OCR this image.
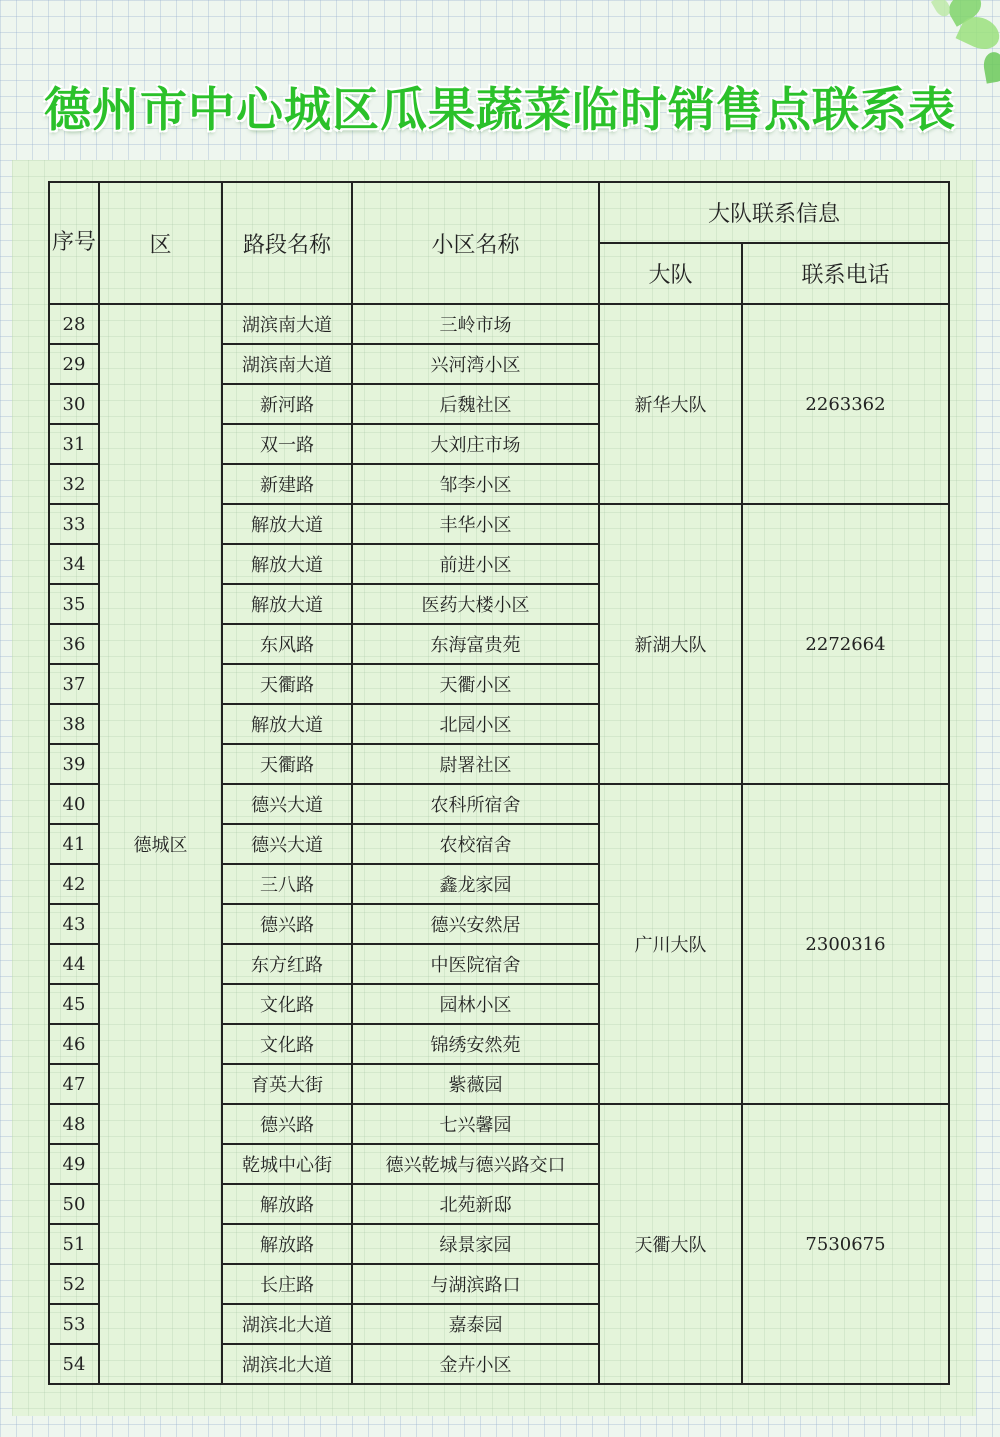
德州市中心城区瓜果蔬菜临时销售点联系表
序号	区	路段名称	小区名称	大队联系信息	
				大队	联系电话
28	德城区	湖滨南大道	三岭市场	新华大队	2263362
29		湖滨南大道	兴河湾小区		
30		新河路	后魏社区		
31		双一路	大刘庄市场		
32		新建路	邹李小区		
33		解放大道	丰华小区	新湖大队	2272664
34		解放大道	前进小区		
35		解放大道	医药大楼小区		
36		东风路	东海富贵苑		
37		天衢路	天衢小区		
38		解放大道	北园小区		
39		天衢路	尉署社区		
40		德兴大道	农科所宿舍	广川大队	2300316
41		德兴大道	农校宿舍		
42		三八路	鑫龙家园		
43		德兴路	德兴安然居		
44		东方红路	中医院宿舍		
45		文化路	园林小区		
46		文化路	锦绣安然苑		
47		育英大街	紫薇园		
48		德兴路	七兴馨园	天衢大队	7530675
49		乾城中心街	德兴乾城与德兴路交口		
50		解放路	北苑新邸		
51		解放路	绿景家园		
52		长庄路	与湖滨路口		
53		湖滨北大道	嘉泰园		
54		湖滨北大道	金卉小区		
